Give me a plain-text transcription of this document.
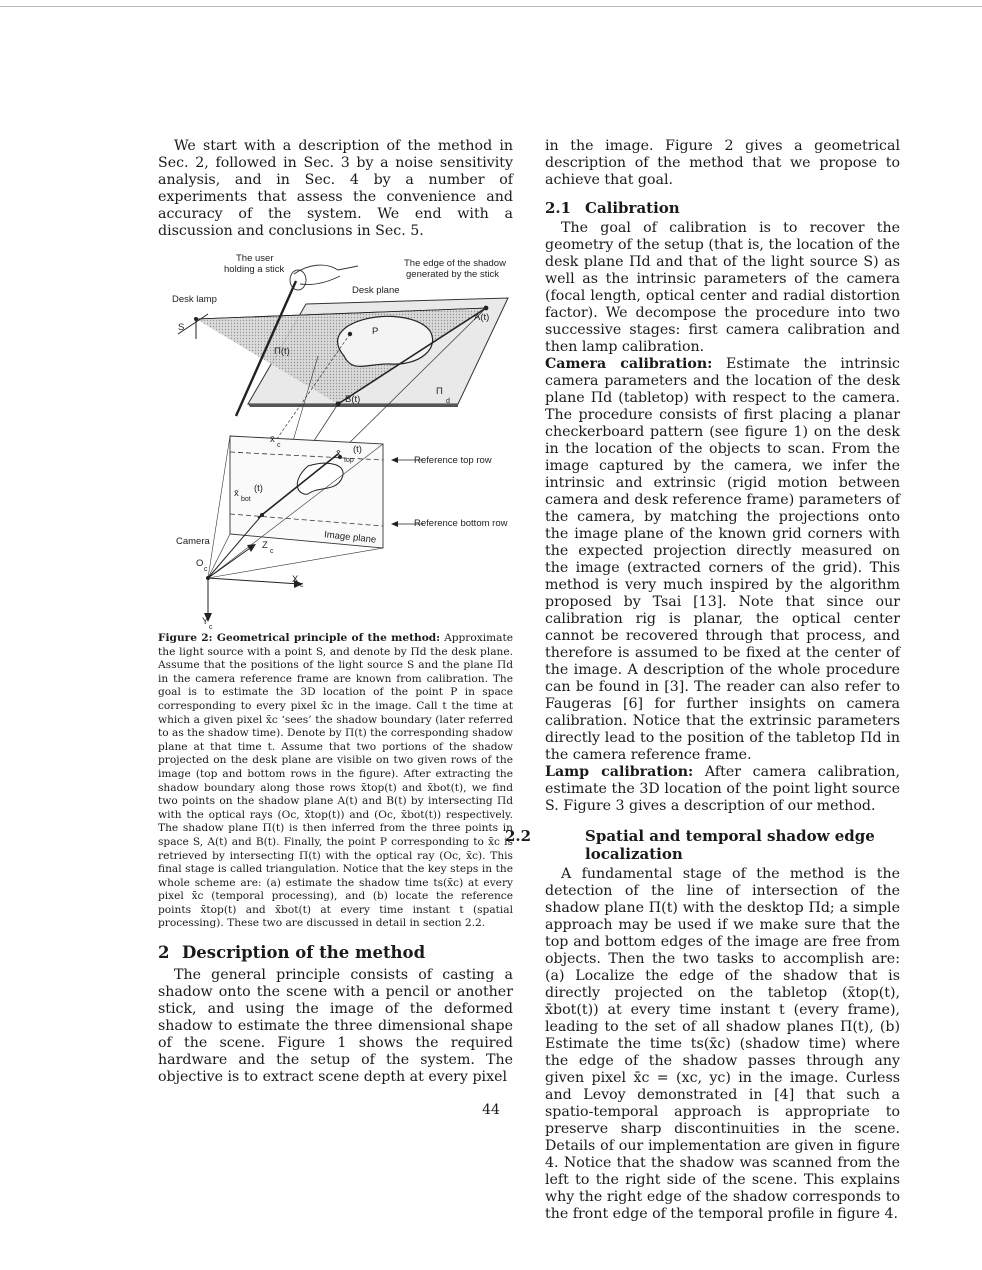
We start with a description of the method in Sec. 2, followed in Sec. 3 by a noise sensitivity analysis, and in Sec. 4 by a number of experiments that assess the convenience and accuracy of the system. We end with a discussion and conclusions in Sec. 5.

The user
holding a stick
The edge of the shadow
generated by the stick
Desk lamp
Desk plane
S
Π(t)
P
A(t)
B(t)
Π
d
x̄
c
x̄ (t)
top	Reference top row
x̄
bot
(t)
Reference bottom row
Image plane
Camera
O
c
Z
c
X
c
Y
c

Figure 2: Geometrical principle of the method: Approximate the light source with a point S, and denote by Πd the desk plane. Assume that the positions of the light source S and the plane Πd in the camera reference frame are known from calibration. The goal is to estimate the 3D location of the point P in space corresponding to every pixel x̄c in the image. Call t the time at which a given pixel x̄c ‘sees’ the shadow boundary (later referred to as the shadow time). Denote by Π(t) the corresponding shadow plane at that time t. Assume that two portions of the shadow projected on the desk plane are visible on two given rows of the image (top and bottom rows in the figure). After extracting the shadow boundary along those rows x̄top(t) and x̄bot(t), we find two points on the shadow plane A(t) and B(t) by intersecting Πd with the optical rays (Oc, x̄top(t)) and (Oc, x̄bot(t)) respectively. The shadow plane Π(t) is then inferred from the three points in space S, A(t) and B(t). Finally, the point P corresponding to x̄c is retrieved by intersecting Π(t) with the optical ray (Oc, x̄c). This final stage is called triangulation. Notice that the key steps in the whole scheme are: (a) estimate the shadow time ts(x̄c) at every pixel x̄c (temporal processing), and (b) locate the reference points x̄top(t) and x̄bot(t) at every time instant t (spatial processing). These two are discussed in detail in section 2.2.

2 Description of the method

The general principle consists of casting a shadow onto the scene with a pencil or another stick, and using the image of the deformed shadow to estimate the three dimensional shape of the scene. Figure 1 shows the required hardware and the setup of the system. The objective is to extract scene depth at every pixel

in the image. Figure 2 gives a geometrical description of the method that we propose to achieve that goal.

2.1 Calibration

The goal of calibration is to recover the geometry of the setup (that is, the location of the desk plane Πd and that of the light source S) as well as the intrinsic parameters of the camera (focal length, optical center and radial distortion factor). We decompose the procedure into two successive stages: first camera calibration and then lamp calibration.

Camera calibration: Estimate the intrinsic camera parameters and the location of the desk plane Πd (tabletop) with respect to the camera. The procedure consists of first placing a planar checkerboard pattern (see figure 1) on the desk in the location of the objects to scan. From the image captured by the camera, we infer the intrinsic and extrinsic (rigid motion between camera and desk reference frame) parameters of the camera, by matching the projections onto the image plane of the known grid corners with the expected projection directly measured on the image (extracted corners of the grid). This method is very much inspired by the algorithm proposed by Tsai [13]. Note that since our calibration rig is planar, the optical center cannot be recovered through that process, and therefore is assumed to be fixed at the center of the image. A description of the whole procedure can be found in [3]. The reader can also refer to Faugeras [6] for further insights on camera calibration. Notice that the extrinsic parameters directly lead to the position of the tabletop Πd in the camera reference frame.

Lamp calibration: After camera calibration, estimate the 3D location of the point light source S. Figure 3 gives a description of our method.

2.2	Spatial and temporal shadow edge localization

A fundamental stage of the method is the detection of the line of intersection of the shadow plane Π(t) with the desktop Πd; a simple approach may be used if we make sure that the top and bottom edges of the image are free from objects. Then the two tasks to accomplish are: (a) Localize the edge of the shadow that is directly projected on the tabletop (x̄top(t), x̄bot(t)) at every time instant t (every frame), leading to the set of all shadow planes Π(t), (b) Estimate the time ts(x̄c) (shadow time) where the edge of the shadow passes through any given pixel x̄c = (xc, yc) in the image. Curless and Levoy demonstrated in [4] that such a spatio-temporal approach is appropriate to preserve sharp discontinuities in the scene. Details of our implementation are given in figure 4. Notice that the shadow was scanned from the left to the right side of the scene. This explains why the right edge of the shadow corresponds to the front edge of the temporal profile in figure 4.

44
